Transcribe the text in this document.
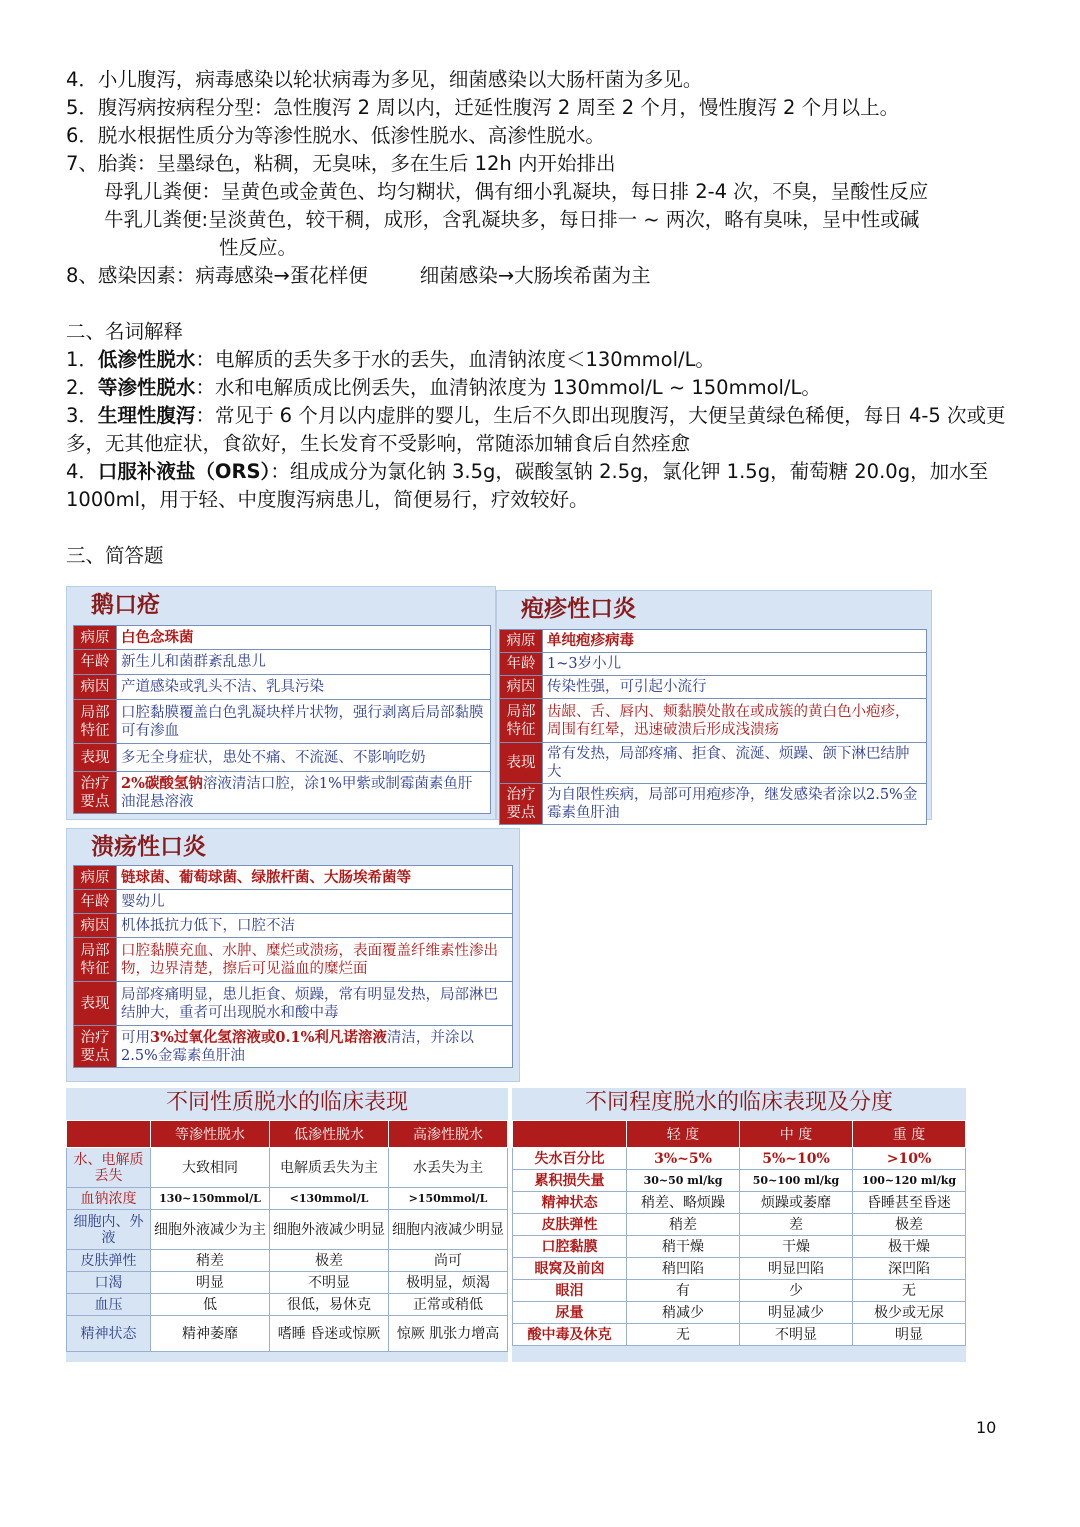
4．小儿腹泻，病毒感染以轮状病毒为多见，细菌感染以大肠杆菌为多见。
5．腹泻病按病程分型：急性腹泻 2 周以内，迁延性腹泻 2 周至 2 个月，慢性腹泻 2 个月以上。
6．脱水根据性质分为等渗性脱水、低渗性脱水、高渗性脱水。
7、胎粪：呈墨绿色，粘稠，无臭味，多在生后 12h 内开始排出
母乳儿粪便：呈黄色或金黄色、均匀糊状，偶有细小乳凝块，每日排 2-4 次，不臭，呈酸性反应
牛乳儿粪便:呈淡黄色，较干稠，成形，含乳凝块多，每日排一 ~ 两次，略有臭味，呈中性或碱
性反应。
8、感染因素：病毒感染→蛋花样便	细菌感染→大肠埃希菌为主
二、名词解释
1．低渗性脱水：电解质的丢失多于水的丢失，血清钠浓度＜130mmol/L。
2．等渗性脱水：水和电解质成比例丢失，血清钠浓度为 130mmol/L ~ 150mmol/L。
3．生理性腹泻：常见于 6 个月以内虚胖的婴儿，生后不久即出现腹泻，大便呈黄绿色稀便，每日 4-5 次或更多，无其他症状，食欲好，生长发育不受影响，常随添加辅食后自然痊愈
4．口服补液盐（ORS）：组成成分为氯化钠 3.5g，碳酸氢钠 2.5g，氯化钾 1.5g，葡萄糖 20.0g，加水至 1000ml，用于轻、中度腹泻病患儿，简便易行，疗效较好。
三、简答题
鹅口疮
病原	白色念珠菌
年龄	新生儿和菌群紊乱患儿
病因	产道感染或乳头不洁、乳具污染
局部
特征	口腔黏膜覆盖白色乳凝块样片状物，强行剥离后局部黏膜可有渗血
表现	多无全身症状，患处不痛、不流涎、不影响吃奶
治疗
要点	2%碳酸氢钠溶液清洁口腔，涂1%甲紫或制霉菌素鱼肝油混悬溶液
疱疹性口炎
病原	单纯疱疹病毒
年龄	1~3岁小儿
病因	传染性强，可引起小流行
局部
特征	齿龈、舌、唇内、颊黏膜处散在或成簇的黄白色小疱疹，周围有红晕，迅速破溃后形成浅溃疡
表现	常有发热，局部疼痛、拒食、流涎、烦躁、颌下淋巴结肿大
治疗
要点	为自限性疾病，局部可用疱疹净，继发感染者涂以2.5%金霉素鱼肝油
溃疡性口炎
病原	链球菌、葡萄球菌、绿脓杆菌、大肠埃希菌等
年龄	婴幼儿
病因	机体抵抗力低下，口腔不洁
局部
特征	口腔黏膜充血、水肿、糜烂或溃疡，表面覆盖纤维素性渗出物，边界清楚，擦后可见溢血的糜烂面
表现	局部疼痛明显，患儿拒食、烦躁，常有明显发热，局部淋巴结肿大，重者可出现脱水和酸中毒
治疗
要点	可用3%过氧化氢溶液或0.1%利凡诺溶液清洁，并涂以2.5%金霉素鱼肝油
不同性质脱水的临床表现
	等渗性脱水	低渗性脱水	高渗性脱水
水、电解质丢失	大致相同	电解质丢失为主	水丢失为主
血钠浓度	130~150mmol/L	<130mmol/L	>150mmol/L
细胞内、外液	细胞外液减少为主	细胞外液减少明显	细胞内液减少明显
皮肤弹性	稍差	极差	尚可
口渴	明显	不明显	极明显，烦渴
血压	低	很低，易休克	正常或稍低
精神状态	精神萎靡	嗜睡 昏迷或惊厥	惊厥 肌张力增高
不同程度脱水的临床表现及分度
	轻 度	中 度	重 度
失水百分比	3%~5%	5%~10%	>10%
累积损失量	30~50 ml/kg	50~100 ml/kg	100~120 ml/kg
精神状态	稍差、略烦躁	烦躁或萎靡	昏睡甚至昏迷
皮肤弹性	稍差	差	极差
口腔黏膜	稍干燥	干燥	极干燥
眼窝及前囟	稍凹陷	明显凹陷	深凹陷
眼泪	有	少	无
尿量	稍减少	明显减少	极少或无尿
酸中毒及休克	无	不明显	明显
10
